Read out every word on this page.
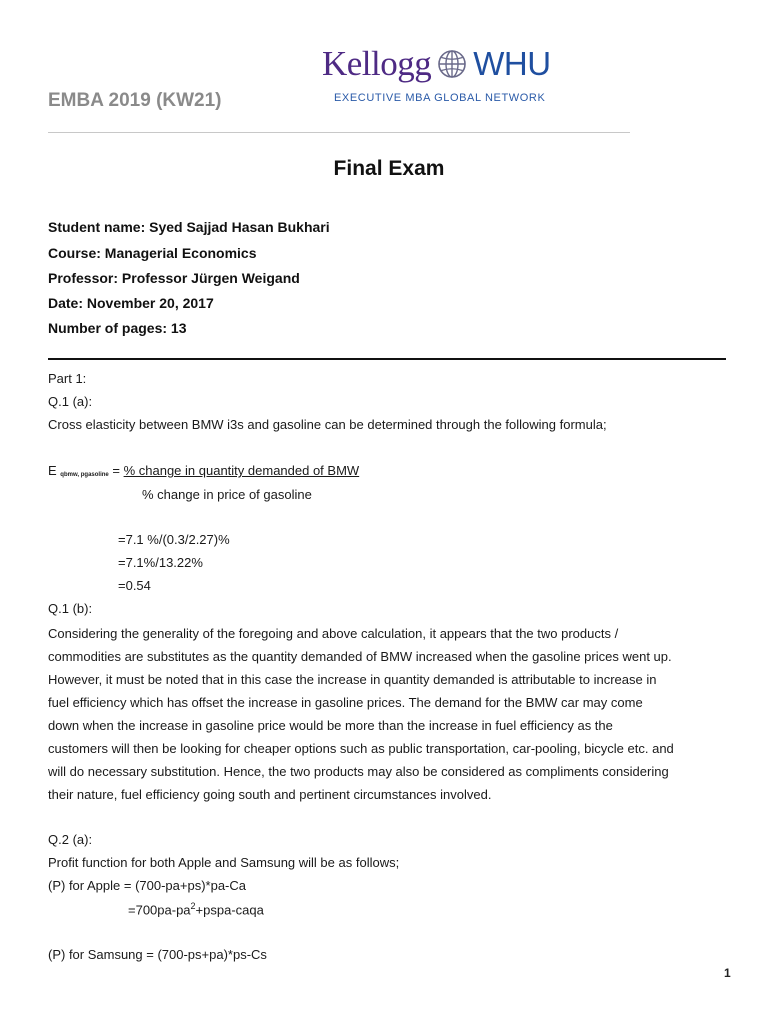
Kellogg WHU
EXECUTIVE MBA GLOBAL NETWORK
EMBA 2019 (KW21)
Final Exam
Student name: Syed Sajjad Hasan Bukhari
Course: Managerial Economics
Professor: Professor Jürgen Weigand
Date: November 20, 2017
Number of pages: 13
Part 1:
Q.1 (a):
Cross elasticity between BMW i3s and gasoline can be determined through the following formula;
E qbmw, pgasoline = % change in quantity demanded of BMW
% change in price of gasoline
=7.1 %/(0.3/2.27)%
=7.1%/13.22%
=0.54
Q.1 (b):
Considering the generality of the foregoing and above calculation, it appears that the two products /
commodities are substitutes as the quantity demanded of BMW increased when the gasoline prices went up.
However, it must be noted that in this case the increase in quantity demanded is attributable to increase in
fuel efficiency which has offset the increase in gasoline prices. The demand for the BMW car may come
down when the increase in gasoline price would be more than the increase in fuel efficiency as the
customers will then be looking for cheaper options such as public transportation, car-pooling, bicycle etc. and
will do necessary substitution. Hence, the two products may also be considered as compliments considering
their nature, fuel efficiency going south and pertinent circumstances involved.
Q.2 (a):
Profit function for both Apple and Samsung will be as follows;
(P) for Apple = (700-pa+ps)*pa-Ca
$=700pa-pa^2+pspa$-caqa
(P) for Samsung = (700-ps+pa)*ps-Cs
1
